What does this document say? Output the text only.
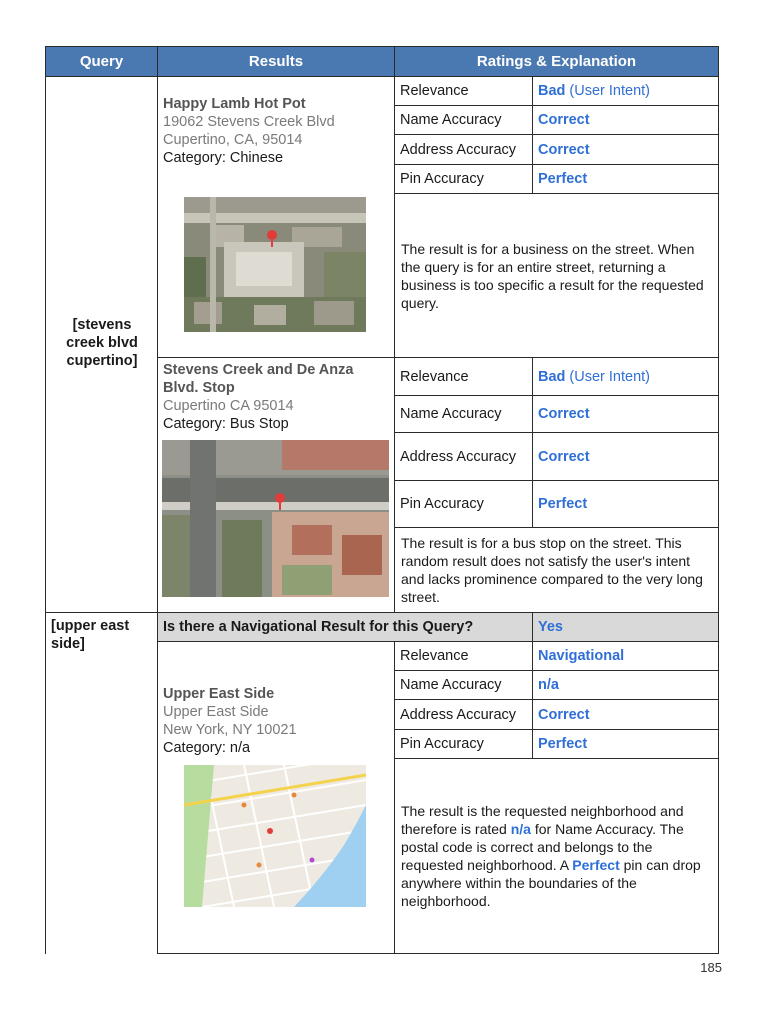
Query	Results	Ratings & Explanation
[stevens creek blvd cupertino]
Happy Lamb Hot Pot
19062 Stevens Creek Blvd
Cupertino, CA, 95014
Category: Chinese
Relevance	Bad (User Intent)
Name Accuracy	Correct
Address Accuracy	Correct
Pin Accuracy	Perfect
The result is for a business on the street. When the query is for an entire street, returning a business is too specific a result for the requested query.
Stevens Creek and De Anza Blvd. Stop
Cupertino CA 95014
Category: Bus Stop
Relevance	Bad (User Intent)
Name Accuracy	Correct
Address Accuracy	Correct
Pin Accuracy	Perfect
The result is for a bus stop on the street. This random result does not satisfy the user's intent and lacks prominence compared to the very long street.
[upper east side]
Is there a Navigational Result for this Query?	Yes
Upper East Side
Upper East Side
New York, NY 10021
Category: n/a
Relevance	Navigational
Name Accuracy	n/a
Address Accuracy	Correct
Pin Accuracy	Perfect
The result is the requested neighborhood and therefore is rated n/a for Name Accuracy. The postal code is correct and belongs to the requested neighborhood. A Perfect pin can drop anywhere within the boundaries of the neighborhood.
185
